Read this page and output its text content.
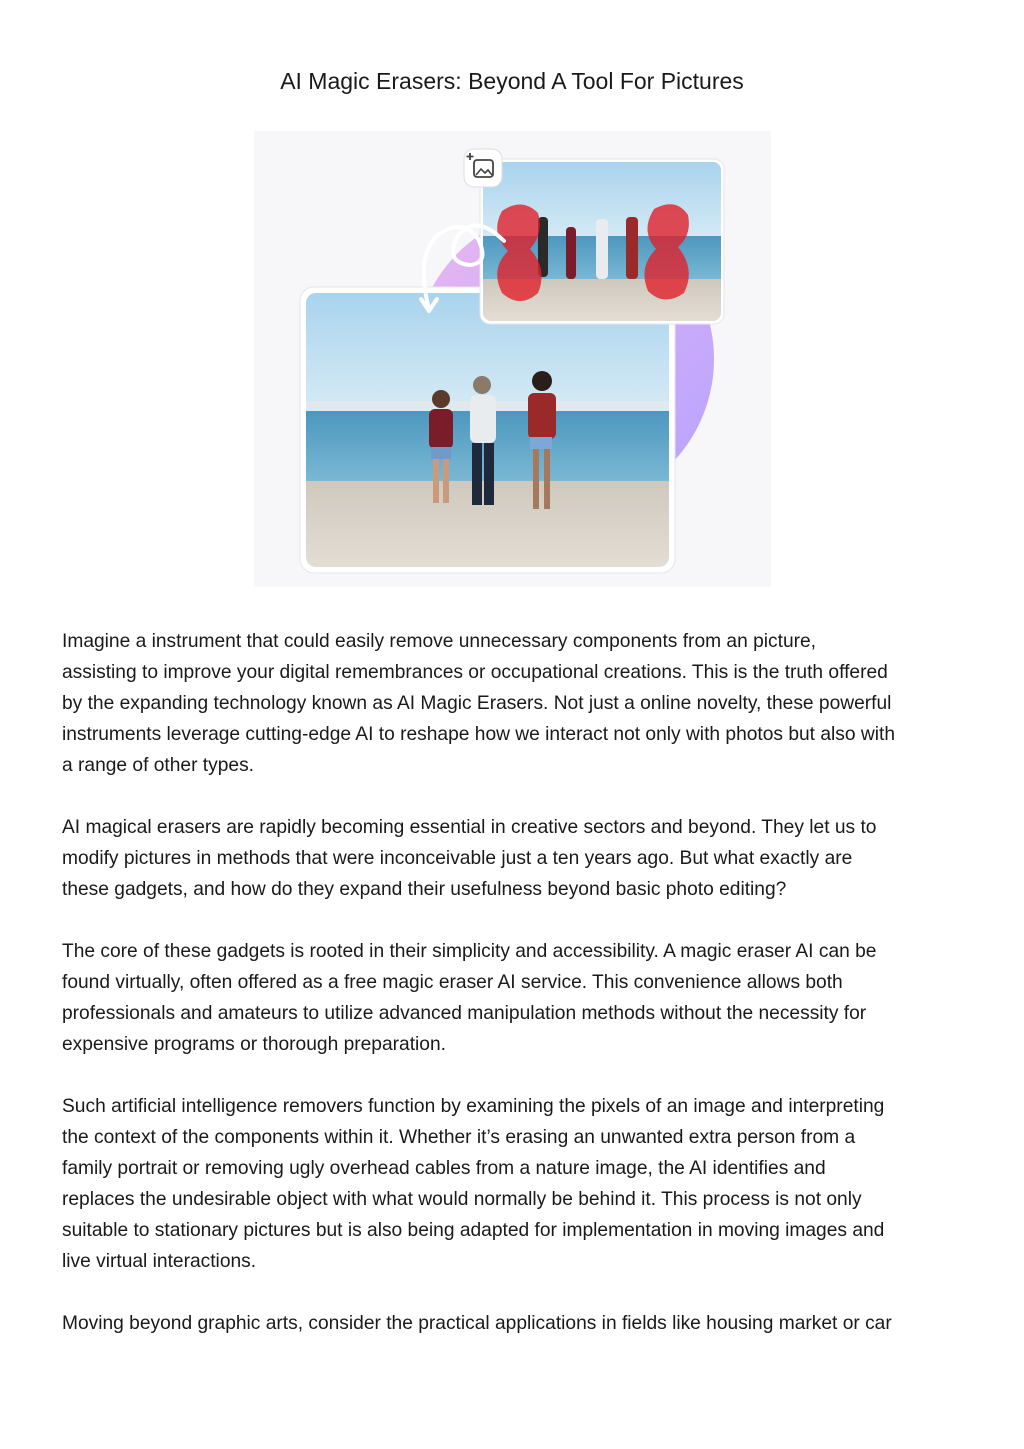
AI Magic Erasers: Beyond A Tool For Pictures

Imagine a instrument that could easily remove unnecessary components from an picture,
assisting to improve your digital remembrances or occupational creations. This is the truth offered
by the expanding technology known as AI Magic Erasers. Not just a online novelty, these powerful
instruments leverage cutting-edge AI to reshape how we interact not only with photos but also with
a range of other types.

AI magical erasers are rapidly becoming essential in creative sectors and beyond. They let us to
modify pictures in methods that were inconceivable just a ten years ago. But what exactly are
these gadgets, and how do they expand their usefulness beyond basic photo editing?

The core of these gadgets is rooted in their simplicity and accessibility. A magic eraser AI can be
found virtually, often offered as a free magic eraser AI service. This convenience allows both
professionals and amateurs to utilize advanced manipulation methods without the necessity for
expensive programs or thorough preparation.

Such artificial intelligence removers function by examining the pixels of an image and interpreting
the context of the components within it. Whether it’s erasing an unwanted extra person from a
family portrait or removing ugly overhead cables from a nature image, the AI identifies and
replaces the undesirable object with what would normally be behind it. This process is not only
suitable to stationary pictures but is also being adapted for implementation in moving images and
live virtual interactions.

Moving beyond graphic arts, consider the practical applications in fields like housing market or car
